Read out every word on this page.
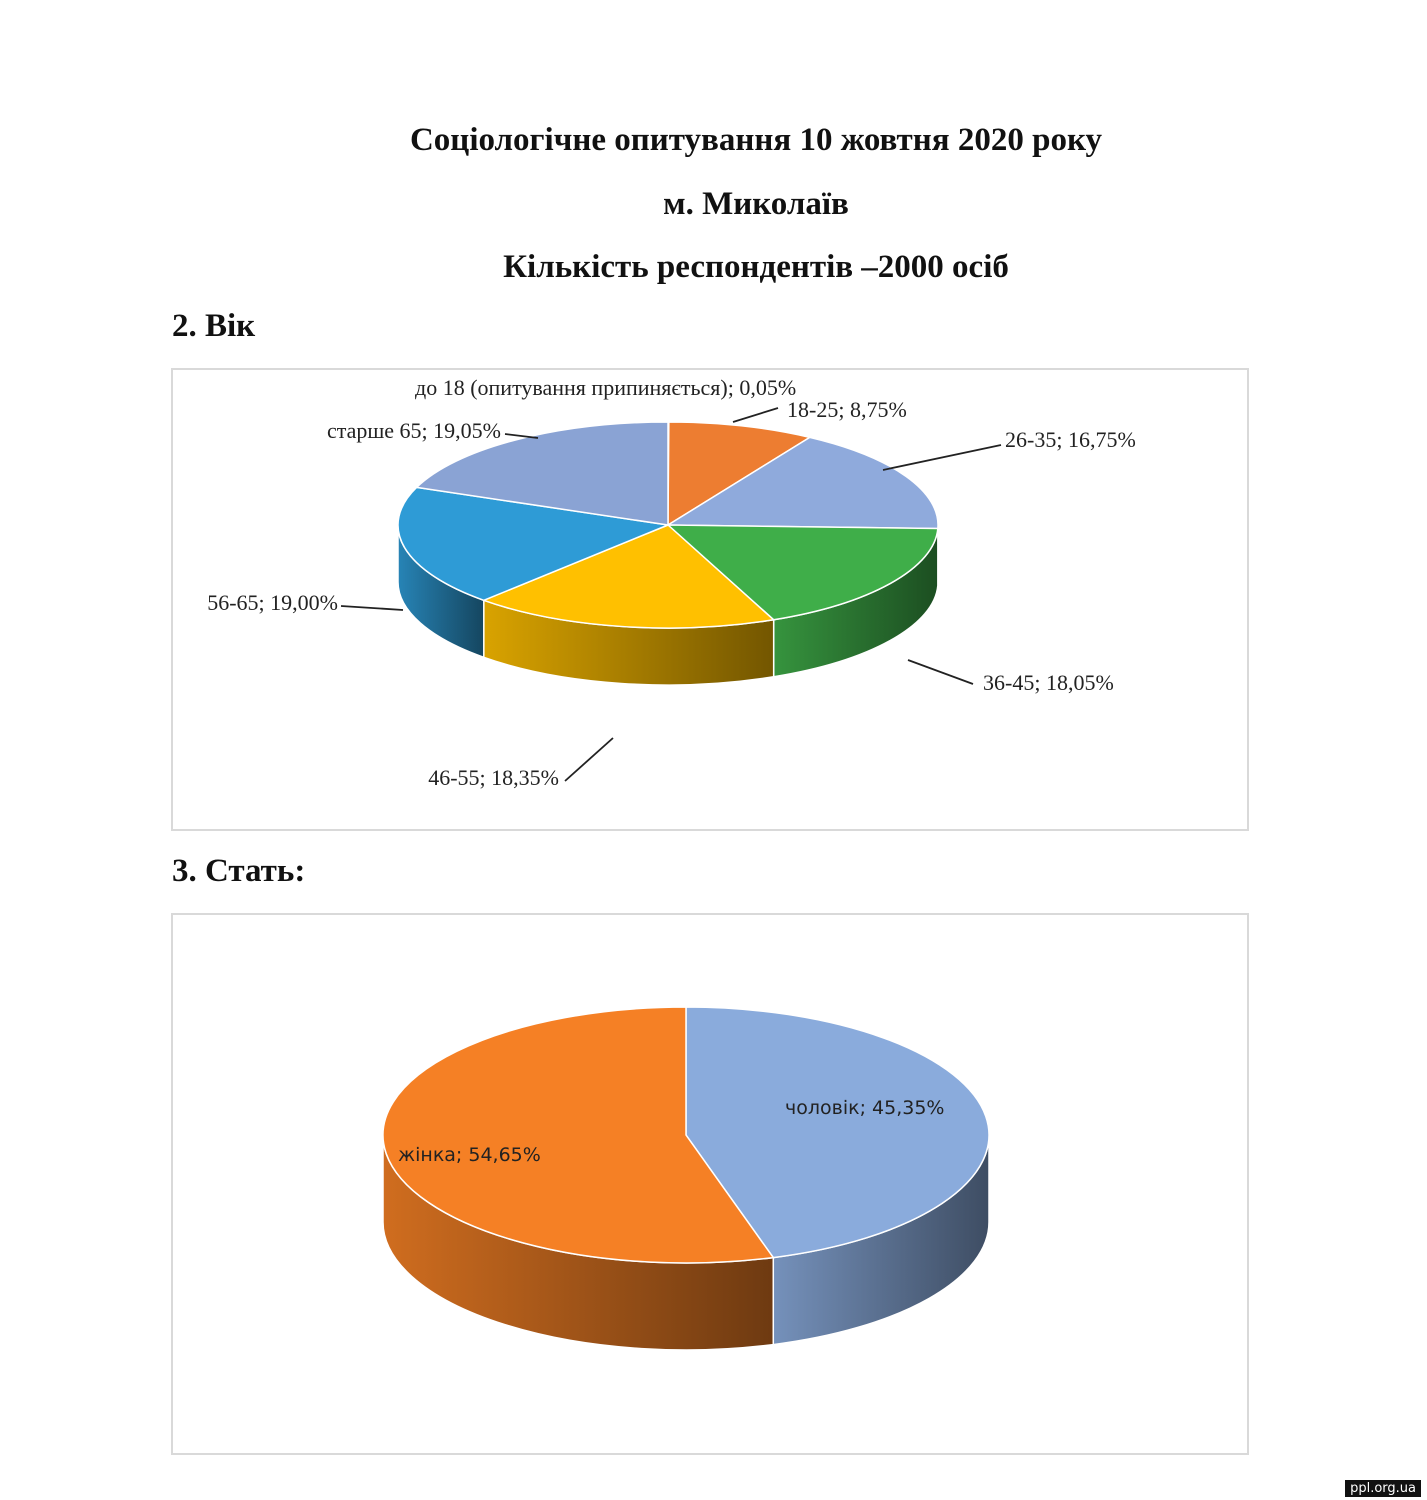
Соціологічне опитування 10 жовтня 2020 року
м. Миколаїв
Кількість респондентів –2000 осіб
2. Вік
до 18 (опитування припиняється); 0,05%
18-25; 8,75%
26-35; 16,75%
36-45; 18,05%
46-55; 18,35%
56-65; 19,00%
старше 65; 19,05%
3. Стать:
чоловік; 45,35%
жінка; 54,65%
ppl.org.ua
